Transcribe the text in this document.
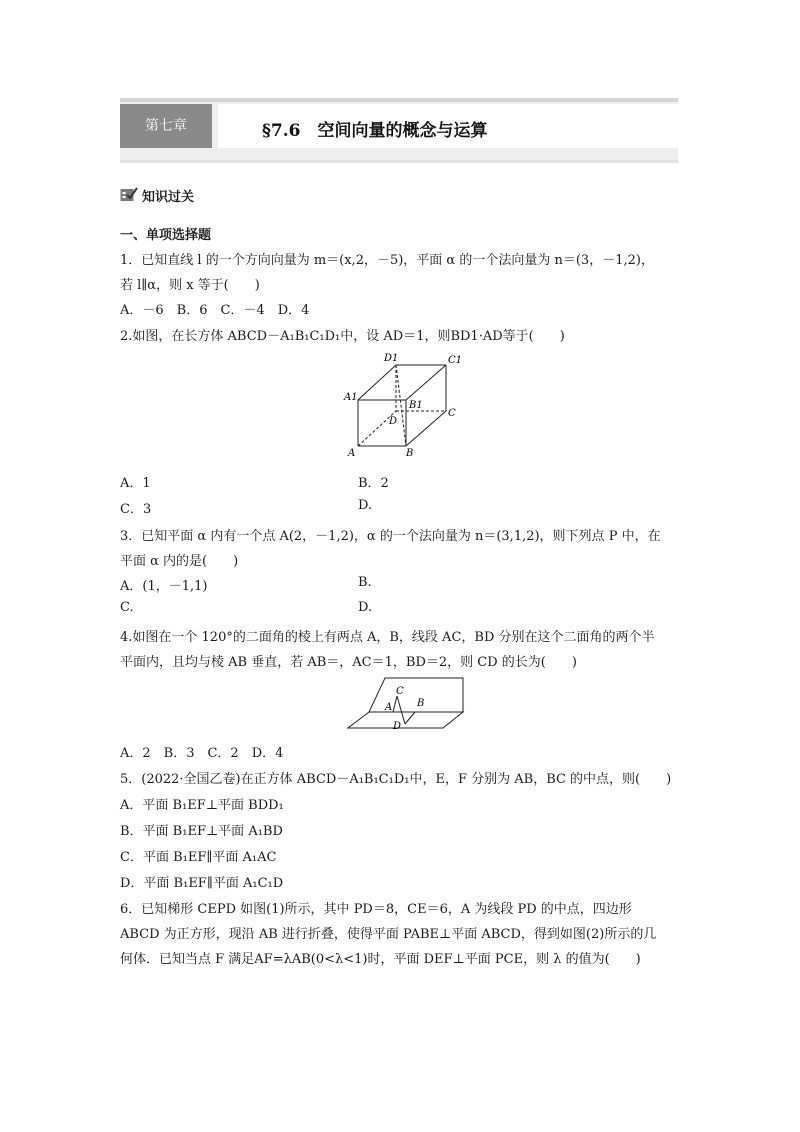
第七章	§7.6　空间向量的概念与运算
知识过关
一、单项选择题
1．已知直线 l 的一个方向向量为 m＝(x,2，－5)，平面 α 的一个法向量为 n＝(3，－1,2)，
若 l∥α，则 x 等于(　　)
A．－6　B．6　C．－4　D．4
2.如图，在长方体 ABCD－A₁B₁C₁D₁中，设 AD＝1，则BD1·AD等于(　　)
D1	C1
A1
B1
C
D
A	B
A．1	B．2
C．3	D.
3．已知平面 α 内有一个点 A(2，－1,2)，α 的一个法向量为 n＝(3,1,2)，则下列点 P 中，在
平面 α 内的是(　　)
A．(1，－1,1)	B.
C.	D.
4.如图在一个 120°的二面角的棱上有两点 A，B，线段 AC，BD 分别在这个二面角的两个半
平面内，且均与棱 AB 垂直，若 AB＝，AC＝1，BD＝2，则 CD 的长为(　　)
C
B
A
D
A．2　B．3　C．2　D．4
5．(2022·全国乙卷)在正方体 ABCD－A₁B₁C₁D₁中，E，F 分别为 AB，BC 的中点，则(　　)
A．平面 B₁EF⊥平面 BDD₁
B．平面 B₁EF⊥平面 A₁BD
C．平面 B₁EF∥平面 A₁AC
D．平面 B₁EF∥平面 A₁C₁D
6．已知梯形 CEPD 如图(1)所示，其中 PD＝8，CE＝6，A 为线段 PD 的中点，四边形
ABCD 为正方形，现沿 AB 进行折叠，使得平面 PABE⊥平面 ABCD，得到如图(2)所示的几
何体．已知当点 F 满足AF=λAB(0<λ<1)时，平面 DEF⊥平面 PCE，则 λ 的值为(　　)
